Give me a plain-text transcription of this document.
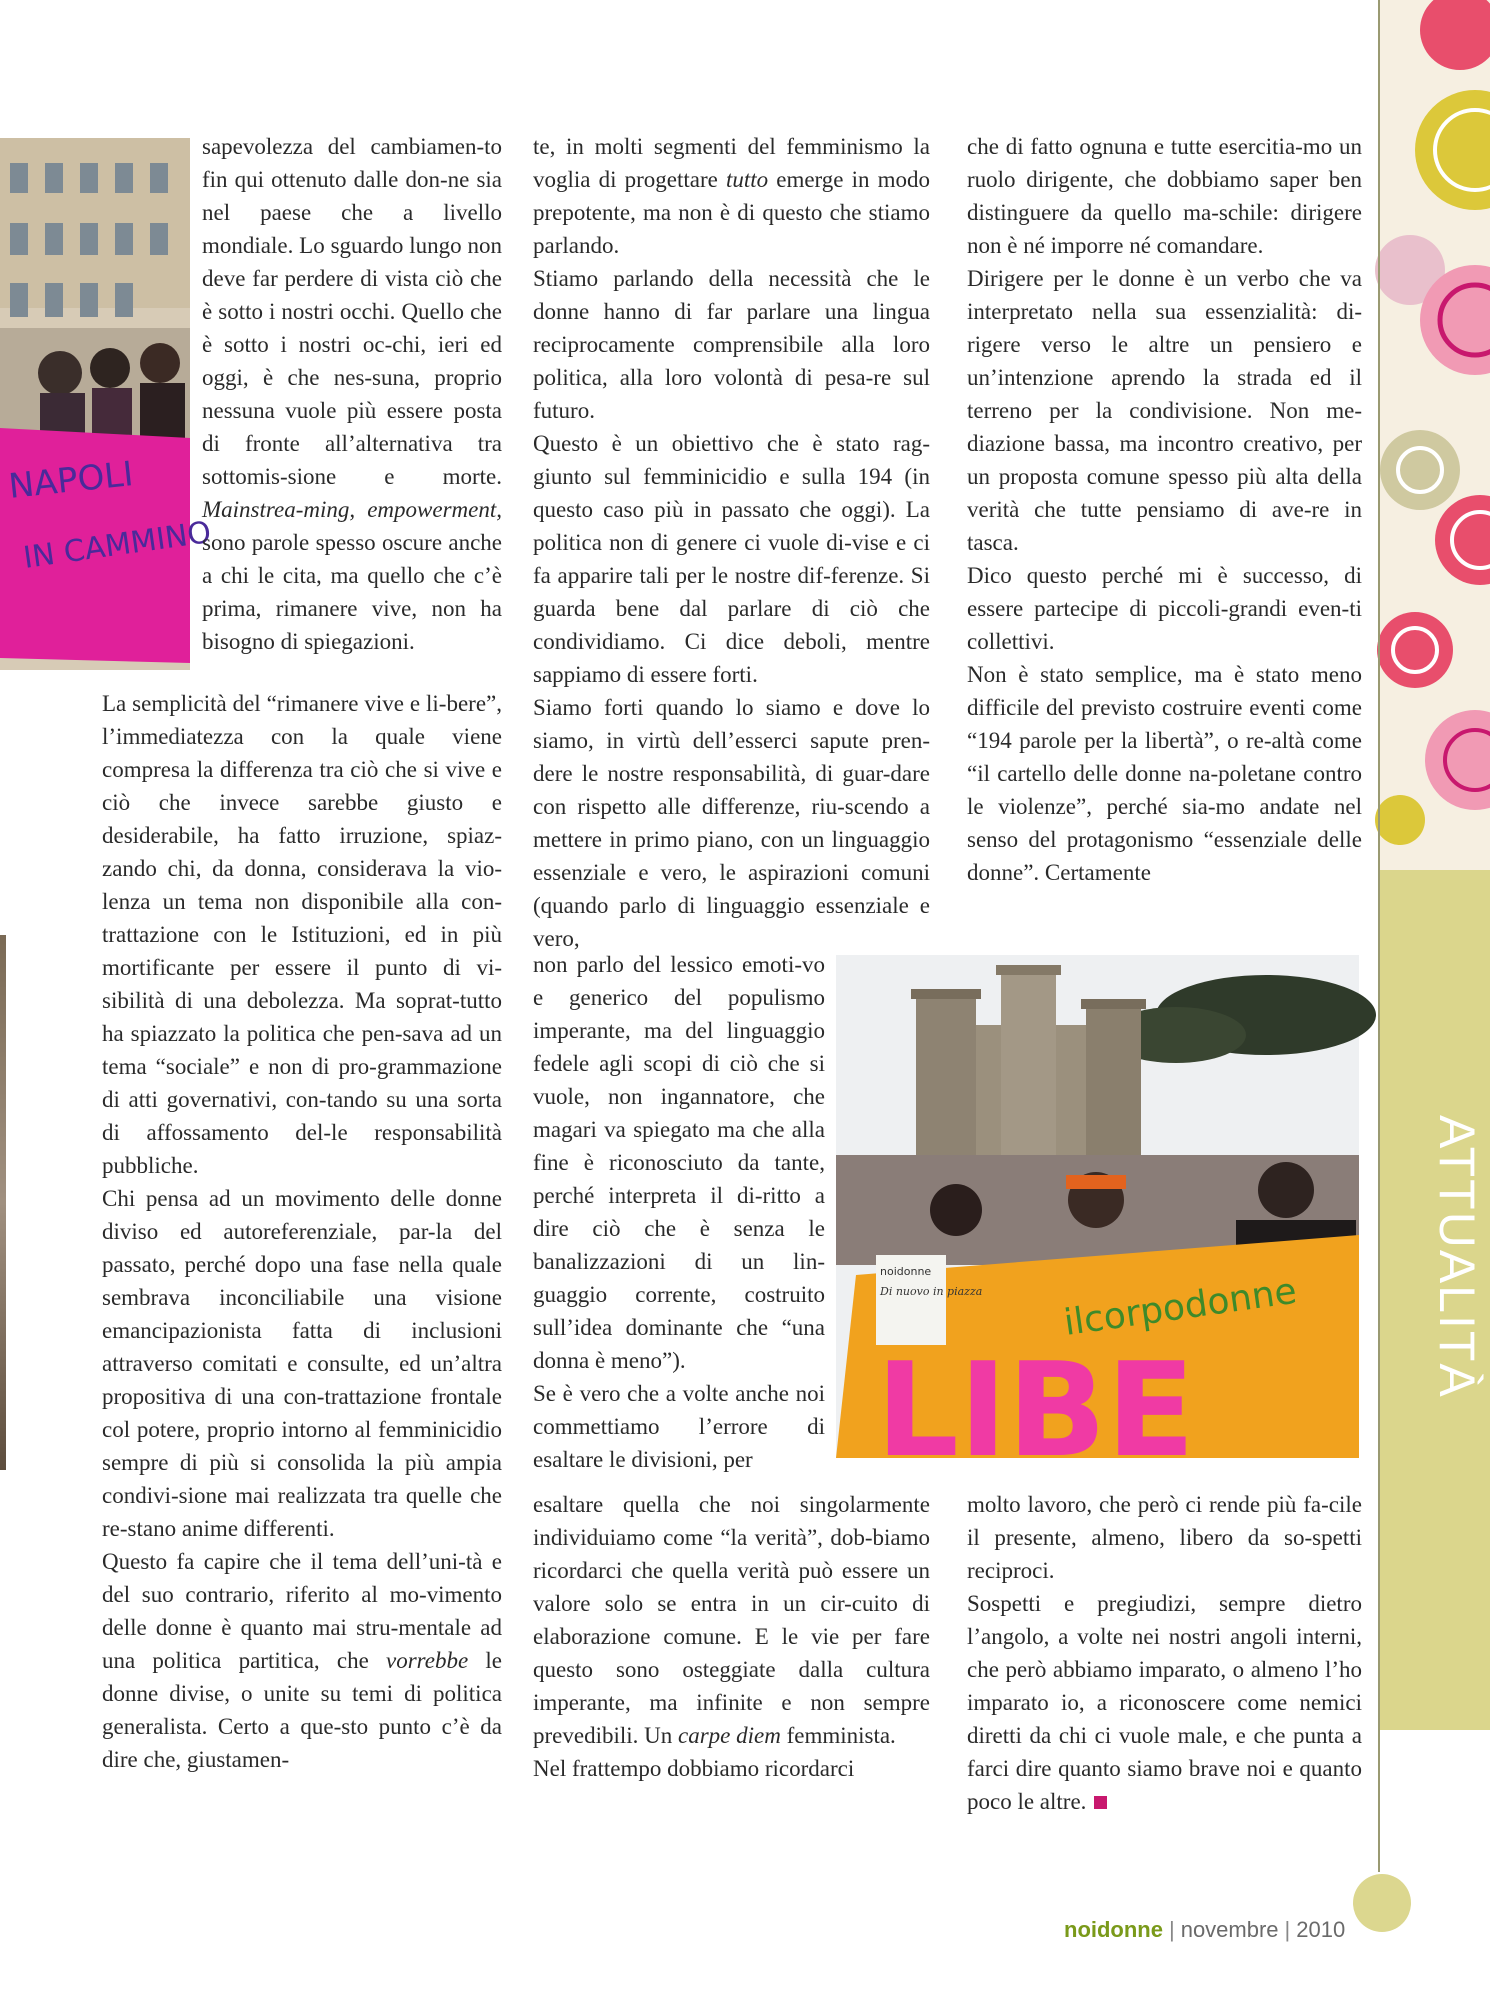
NAPOLI
IN CAMMINO

sapevolezza del cambiamen-to fin qui ottenuto dalle don-ne sia nel paese che a livello mondiale. Lo sguardo lungo non deve far perdere di vista ciò che è sotto i nostri occhi. Quello che è sotto i nostri oc-chi, ieri ed oggi, è che nes-suna, proprio nessuna vuole più essere posta di fronte all’alternativa tra sottomis-sione e morte. Mainstrea-ming, empowerment, sono parole spesso oscure anche a chi le cita, ma quello che c’è prima, rimanere vive, non ha bisogno di spiegazioni.

La semplicità del “rimanere vive e li-bere”, l’immediatezza con la quale viene compresa la differenza tra ciò che si vive e ciò che invece sarebbe giusto e desiderabile, ha fatto irruzione, spiaz-zando chi, da donna, considerava la vio-lenza un tema non disponibile alla con-trattazione con le Istituzioni, ed in più mortificante per essere il punto di vi-sibilità di una debolezza. Ma soprat-tutto ha spiazzato la politica che pen-sava ad un tema “sociale” e non di pro-grammazione di atti governativi, con-tando su una sorta di affossamento del-le responsabilità pubbliche.

Chi pensa ad un movimento delle donne diviso ed autoreferenziale, par-la del passato, perché dopo una fase nella quale sembrava inconciliabile una visione emancipazionista fatta di inclusioni attraverso comitati e consulte, ed un’altra propositiva di una con-trattazione frontale col potere, proprio intorno al femminicidio sempre di più si consolida la più ampia condivi-sione mai realizzata tra quelle che re-stano anime differenti.

Questo fa capire che il tema dell’uni-tà e del suo contrario, riferito al mo-vimento delle donne è quanto mai stru-mentale ad una politica partitica, che vorrebbe le donne divise, o unite su temi di politica generalista. Certo a que-sto punto c’è da dire che, giustamen-

te, in molti segmenti del femminismo la voglia di progettare tutto emerge in modo prepotente, ma non è di questo che stiamo parlando.

Stiamo parlando della necessità che le donne hanno di far parlare una lingua reciprocamente comprensibile alla loro politica, alla loro volontà di pesa-re sul futuro.

Questo è un obiettivo che è stato rag-giunto sul femminicidio e sulla 194 (in questo caso più in passato che oggi). La politica non di genere ci vuole di-vise e ci fa apparire tali per le nostre dif-ferenze. Si guarda bene dal parlare di ciò che condividiamo. Ci dice deboli, mentre sappiamo di essere forti.

Siamo forti quando lo siamo e dove lo siamo, in virtù dell’esserci sapute pren-dere le nostre responsabilità, di guar-dare con rispetto alle differenze, riu-scendo a mettere in primo piano, con un linguaggio essenziale e vero, le aspirazioni comuni (quando parlo di linguaggio essenziale e vero,

non parlo del lessico emoti-vo e generico del populismo imperante, ma del linguaggio fedele agli scopi di ciò che si vuole, non ingannatore, che magari va spiegato ma che alla fine è riconosciuto da tante, perché interpreta il di-ritto a dire ciò che è senza le banalizzazioni di un lin-guaggio corrente, costruito sull’idea dominante che “una donna è meno”).

Se è vero che a volte anche noi commettiamo l’errore di esaltare le divisioni, per

esaltare quella che noi singolarmente individuiamo come “la verità”, dob-biamo ricordarci che quella verità può essere un valore solo se entra in un cir-cuito di elaborazione comune. E le vie per fare questo sono osteggiate dalla cultura imperante, ma infinite e non sempre prevedibili. Un carpe diem femminista.

Nel frattempo dobbiamo ricordarci

che di fatto ognuna e tutte esercitia-mo un ruolo dirigente, che dobbiamo saper ben distinguere da quello ma-schile: dirigere non è né imporre né comandare.

Dirigere per le donne è un verbo che va interpretato nella sua essenzialità: di-rigere verso le altre un pensiero e un’intenzione aprendo la strada ed il terreno per la condivisione. Non me-diazione bassa, ma incontro creativo, per un proposta comune spesso più alta della verità che tutte pensiamo di ave-re in tasca.

Dico questo perché mi è successo, di essere partecipe di piccoli-grandi even-ti collettivi.

Non è stato semplice, ma è stato meno difficile del previsto costruire eventi come “194 parole per la libertà”, o re-altà come “il cartello delle donne na-poletane contro le violenze”, perché sia-mo andate nel senso del protagonismo “essenziale delle donne”. Certamente

molto lavoro, che però ci rende più fa-cile il presente, almeno, libero da so-spetti reciproci.

Sospetti e pregiudizi, sempre dietro l’angolo, a volte nei nostri angoli interni, che però abbiamo imparato, o almeno l’ho imparato io, a riconoscere come nemici diretti da chi ci vuole male, e che punta a farci dire quanto siamo brave noi e quanto poco le altre.

noidonne
Di nuovo in piazza ilcorpodonne
LIBE
ATTUALITÀ
noidonne | novembre | 2010
